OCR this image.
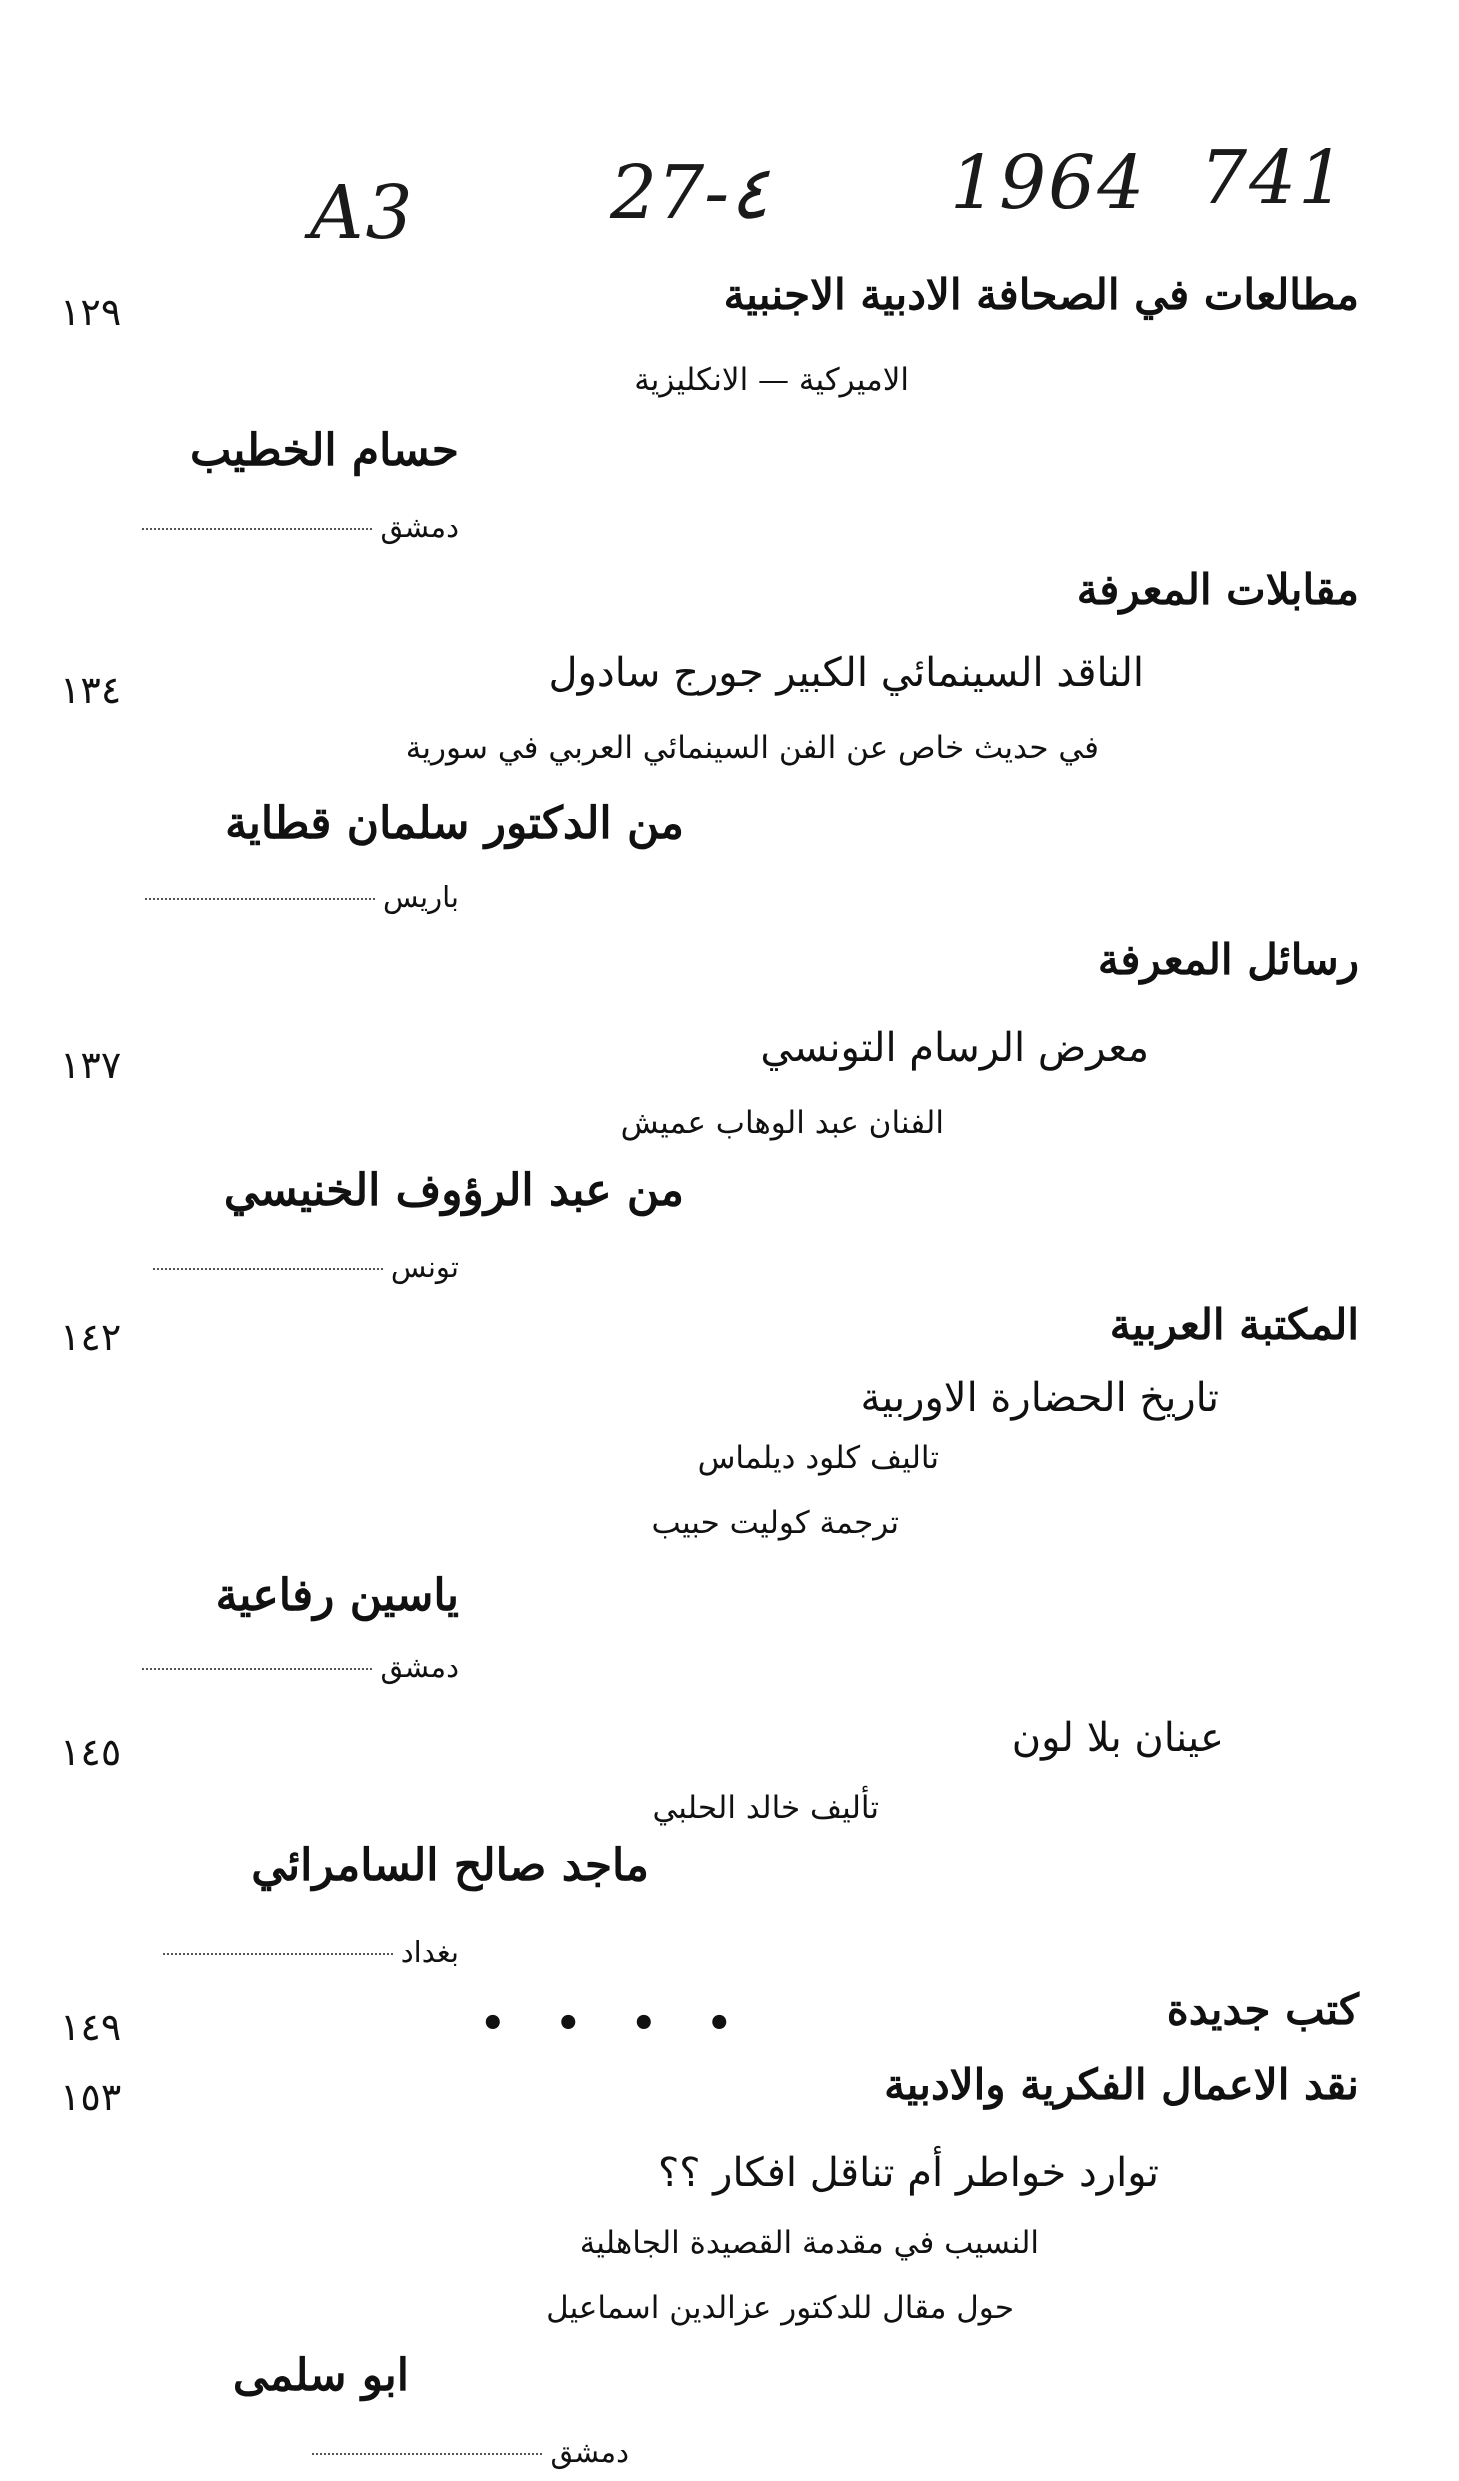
A3	27-٤ 1964 741
مطالعات في الصحافة الادبية الاجنبية
١٢٩
الاميركية — الانكليزية
حسام الخطيب
دمشق
مقابلات المعرفة
الناقد السينمائي الكبير جورج سادول
١٣٤
في حديث خاص عن الفن السينمائي العربي في سورية
من الدكتور سلمان قطاية
باريس
رسائل المعرفة
معرض الرسام التونسي
١٣٧
الفنان عبد الوهاب عميش
من عبد الرؤوف الخنيسي
تونس
المكتبة العربية
١٤٢
تاريخ الحضارة الاوربية
تاليف كلود ديلماس
ترجمة كوليت حبيب
ياسين رفاعية
دمشق
عينان بلا لون
١٤٥
تأليف خالد الحلبي
ماجد صالح السامرائي
بغداد
كتب جديدة
• • • •
١٤٩
نقد الاعمال الفكرية والادبية
١٥٣
توارد خواطر أم تناقل افكار ؟؟
النسيب في مقدمة القصيدة الجاهلية
حول مقال للدكتور عزالدين اسماعيل
ابو سلمى
دمشق
